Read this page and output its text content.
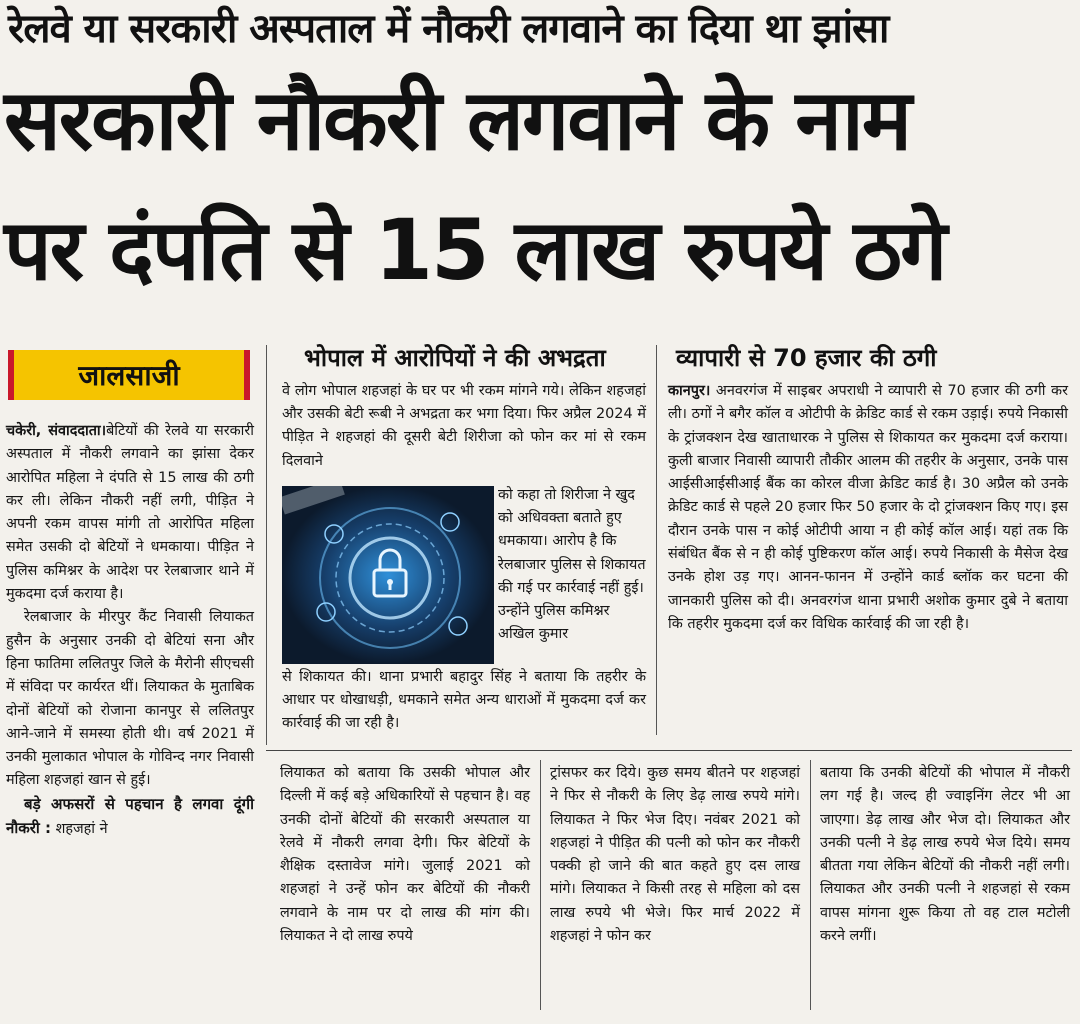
रेलवे या सरकारी अस्पताल में नौकरी लगवाने का दिया था झांसा
सरकारी नौकरी लगवाने के नाम
पर दंपति से 15 लाख रुपये ठगे
जालसाजी

चकेरी, संवाददाता।बेटियों की रेलवे या सरकारी अस्पताल में नौकरी लगवाने का झांसा देकर आरोपित महिला ने दंपति से 15 लाख की ठगी कर ली। लेकिन नौकरी नहीं लगी, पीड़ित ने अपनी रकम वापस मांगी तो आरोपित महिला समेत उसकी दो बेटियों ने धमकाया। पीड़ित ने पुलिस कमिश्नर के आदेश पर रेलबाजार थाने में मुकदमा दर्ज कराया है।

रेलबाजार के मीरपुर कैंट निवासी लियाकत हुसैन के अनुसार उनकी दो बेटियां सना और हिना फातिमा ललितपुर जिले के मैरोनी सीएचसी में संविदा पर कार्यरत थीं। लियाकत के मुताबिक दोनों बेटियों को रोजाना कानपुर से ललितपुर आने-जाने में समस्या होती थी। वर्ष 2021 में उनकी मुलाकात भोपाल के गोविन्द नगर निवासी महिला शहजहां खान से हुई।

बड़े अफसरों से पहचान है लगवा दूंगी नौकरी : शहजहां ने

भोपाल में आरोपियों ने की अभद्रता

वे लोग भोपाल शहजहां के घर पर भी रकम मांगने गये। लेकिन शहजहां और उसकी बेटी रूबी ने अभद्रता कर भगा दिया। फिर अप्रैल 2024 में पीड़ित ने शहजहां की दूसरी बेटी शिरीजा को फोन कर मां से रकम दिलवाने

को कहा तो शिरीजा ने खुद को अधिवक्ता बताते हुए धमकाया। आरोप है कि रेलबाजार पुलिस से शिकायत की गई पर कार्रवाई नहीं हुई। उन्होंने पुलिस कमिश्नर अखिल कुमार

से शिकायत की। थाना प्रभारी बहादुर सिंह ने बताया कि तहरीर के आधार पर धोखाधड़ी, धमकाने समेत अन्य धाराओं में मुकदमा दर्ज कर कार्रवाई की जा रही है।

व्यापारी से 70 हजार की ठगी

कानपुर। अनवरगंज में साइबर अपराधी ने व्यापारी से 70 हजार की ठगी कर ली। ठगों ने बगैर कॉल व ओटीपी के क्रेडिट कार्ड से रकम उड़ाई। रुपये निकासी के ट्रांजक्शन देख खाताधारक ने पुलिस से शिकायत कर मुकदमा दर्ज कराया। कुली बाजार निवासी व्यापारी तौकीर आलम की तहरीर के अनुसार, उनके पास आईसीआईसीआई बैंक का कोरल वीजा क्रेडिट कार्ड है। 30 अप्रैल को उनके क्रेडिट कार्ड से पहले 20 हजार फिर 50 हजार के दो ट्रांजक्शन किए गए। इस दौरान उनके पास न कोई ओटीपी आया न ही कोई कॉल आई। यहां तक कि संबंधित बैंक से न ही कोई पुष्टिकरण कॉल आई। रुपये निकासी के मैसेज देख उनके होश उड़ गए। आनन-फानन में उन्होंने कार्ड ब्लॉक कर घटना की जानकारी पुलिस को दी। अनवरगंज थाना प्रभारी अशोक कुमार दुबे ने बताया कि तहरीर मुकदमा दर्ज कर विधिक कार्रवाई की जा रही है।

लियाकत को बताया कि उसकी भोपाल और दिल्ली में कई बड़े अधिकारियों से पहचान है। वह उनकी दोनों बेटियों की सरकारी अस्पताल या रेलवे में नौकरी लगवा देगी। फिर बेटियों के शैक्षिक दस्तावेज मांगे। जुलाई 2021 को शहजहां ने उन्हें फोन कर बेटियों की नौकरी लगवाने के नाम पर दो लाख की मांग की। लियाकत ने दो लाख रुपये

ट्रांसफर कर दिये। कुछ समय बीतने पर शहजहां ने फिर से नौकरी के लिए डेढ़ लाख रुपये मांगे। लियाकत ने फिर भेज दिए। नवंबर 2021 को शहजहां ने पीड़ित की पत्नी को फोन कर नौकरी पक्की हो जाने की बात कहते हुए दस लाख मांगे। लियाकत ने किसी तरह से महिला को दस लाख रुपये भी भेजे। फिर मार्च 2022 में शहजहां ने फोन कर

बताया कि उनकी बेटियों की भोपाल में नौकरी लग गई है। जल्द ही ज्वाइनिंग लेटर भी आ जाएगा। डेढ़ लाख और भेज दो। लियाकत और उनकी पत्नी ने डेढ़ लाख रुपये भेज दिये। समय बीतता गया लेकिन बेटियों की नौकरी नहीं लगी। लियाकत और उनकी पत्नी ने शहजहां से रकम वापस मांगना शुरू किया तो वह टाल मटोली करने लगीं।
